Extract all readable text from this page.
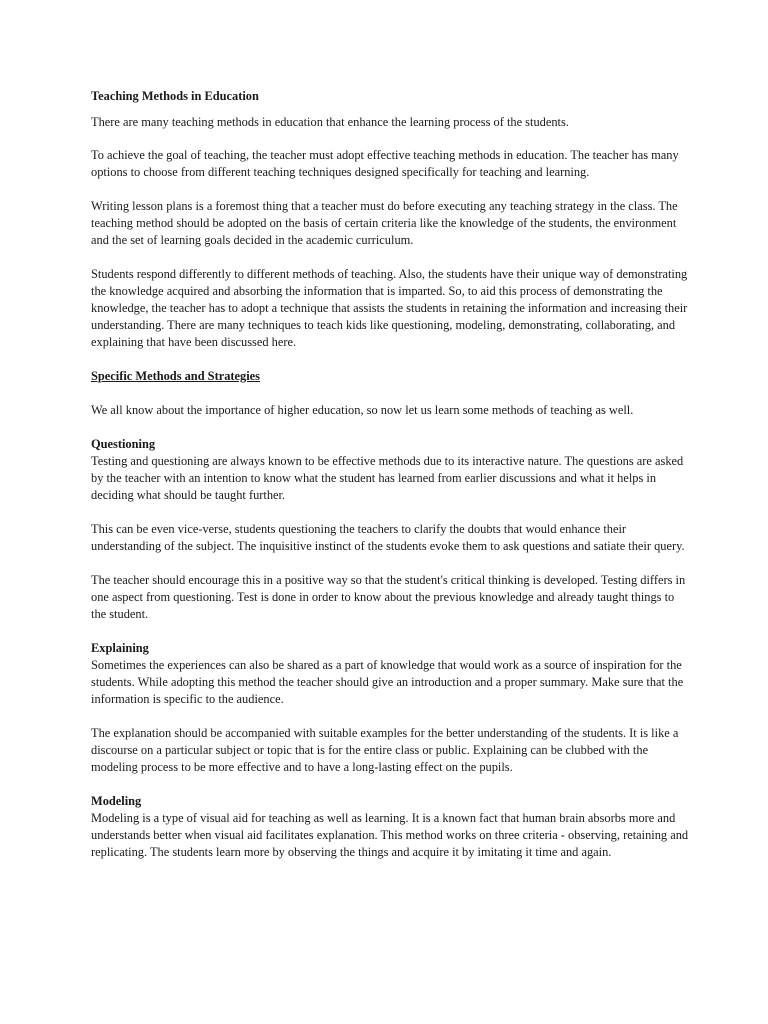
Teaching Methods in Education

There are many teaching methods in education that enhance the learning process of the students.

To achieve the goal of teaching, the teacher must adopt effective teaching methods in education. The teacher has many options to choose from different teaching techniques designed specifically for teaching and learning.

Writing lesson plans is a foremost thing that a teacher must do before executing any teaching strategy in the class. The teaching method should be adopted on the basis of certain criteria like the knowledge of the students, the environment and the set of learning goals decided in the academic curriculum.

Students respond differently to different methods of teaching. Also, the students have their unique way of demonstrating the knowledge acquired and absorbing the information that is imparted. So, to aid this process of demonstrating the knowledge, the teacher has to adopt a technique that assists the students in retaining the information and increasing their understanding. There are many techniques to teach kids like questioning, modeling, demonstrating, collaborating, and explaining that have been discussed here.

Specific Methods and Strategies

We all know about the importance of higher education, so now let us learn some methods of teaching as well.

Questioning

Testing and questioning are always known to be effective methods due to its interactive nature. The questions are asked by the teacher with an intention to know what the student has learned from earlier discussions and what it helps in deciding what should be taught further.

This can be even vice-verse, students questioning the teachers to clarify the doubts that would enhance their understanding of the subject. The inquisitive instinct of the students evoke them to ask questions and satiate their query.

The teacher should encourage this in a positive way so that the student's critical thinking is developed. Testing differs in one aspect from questioning. Test is done in order to know about the previous knowledge and already taught things to the student.

Explaining

Sometimes the experiences can also be shared as a part of knowledge that would work as a source of inspiration for the students. While adopting this method the teacher should give an introduction and a proper summary. Make sure that the information is specific to the audience.

The explanation should be accompanied with suitable examples for the better understanding of the students. It is like a discourse on a particular subject or topic that is for the entire class or public. Explaining can be clubbed with the modeling process to be more effective and to have a long-lasting effect on the pupils.

Modeling

Modeling is a type of visual aid for teaching as well as learning. It is a known fact that human brain absorbs more and understands better when visual aid facilitates explanation. This method works on three criteria - observing, retaining and replicating. The students learn more by observing the things and acquire it by imitating it time and again.
